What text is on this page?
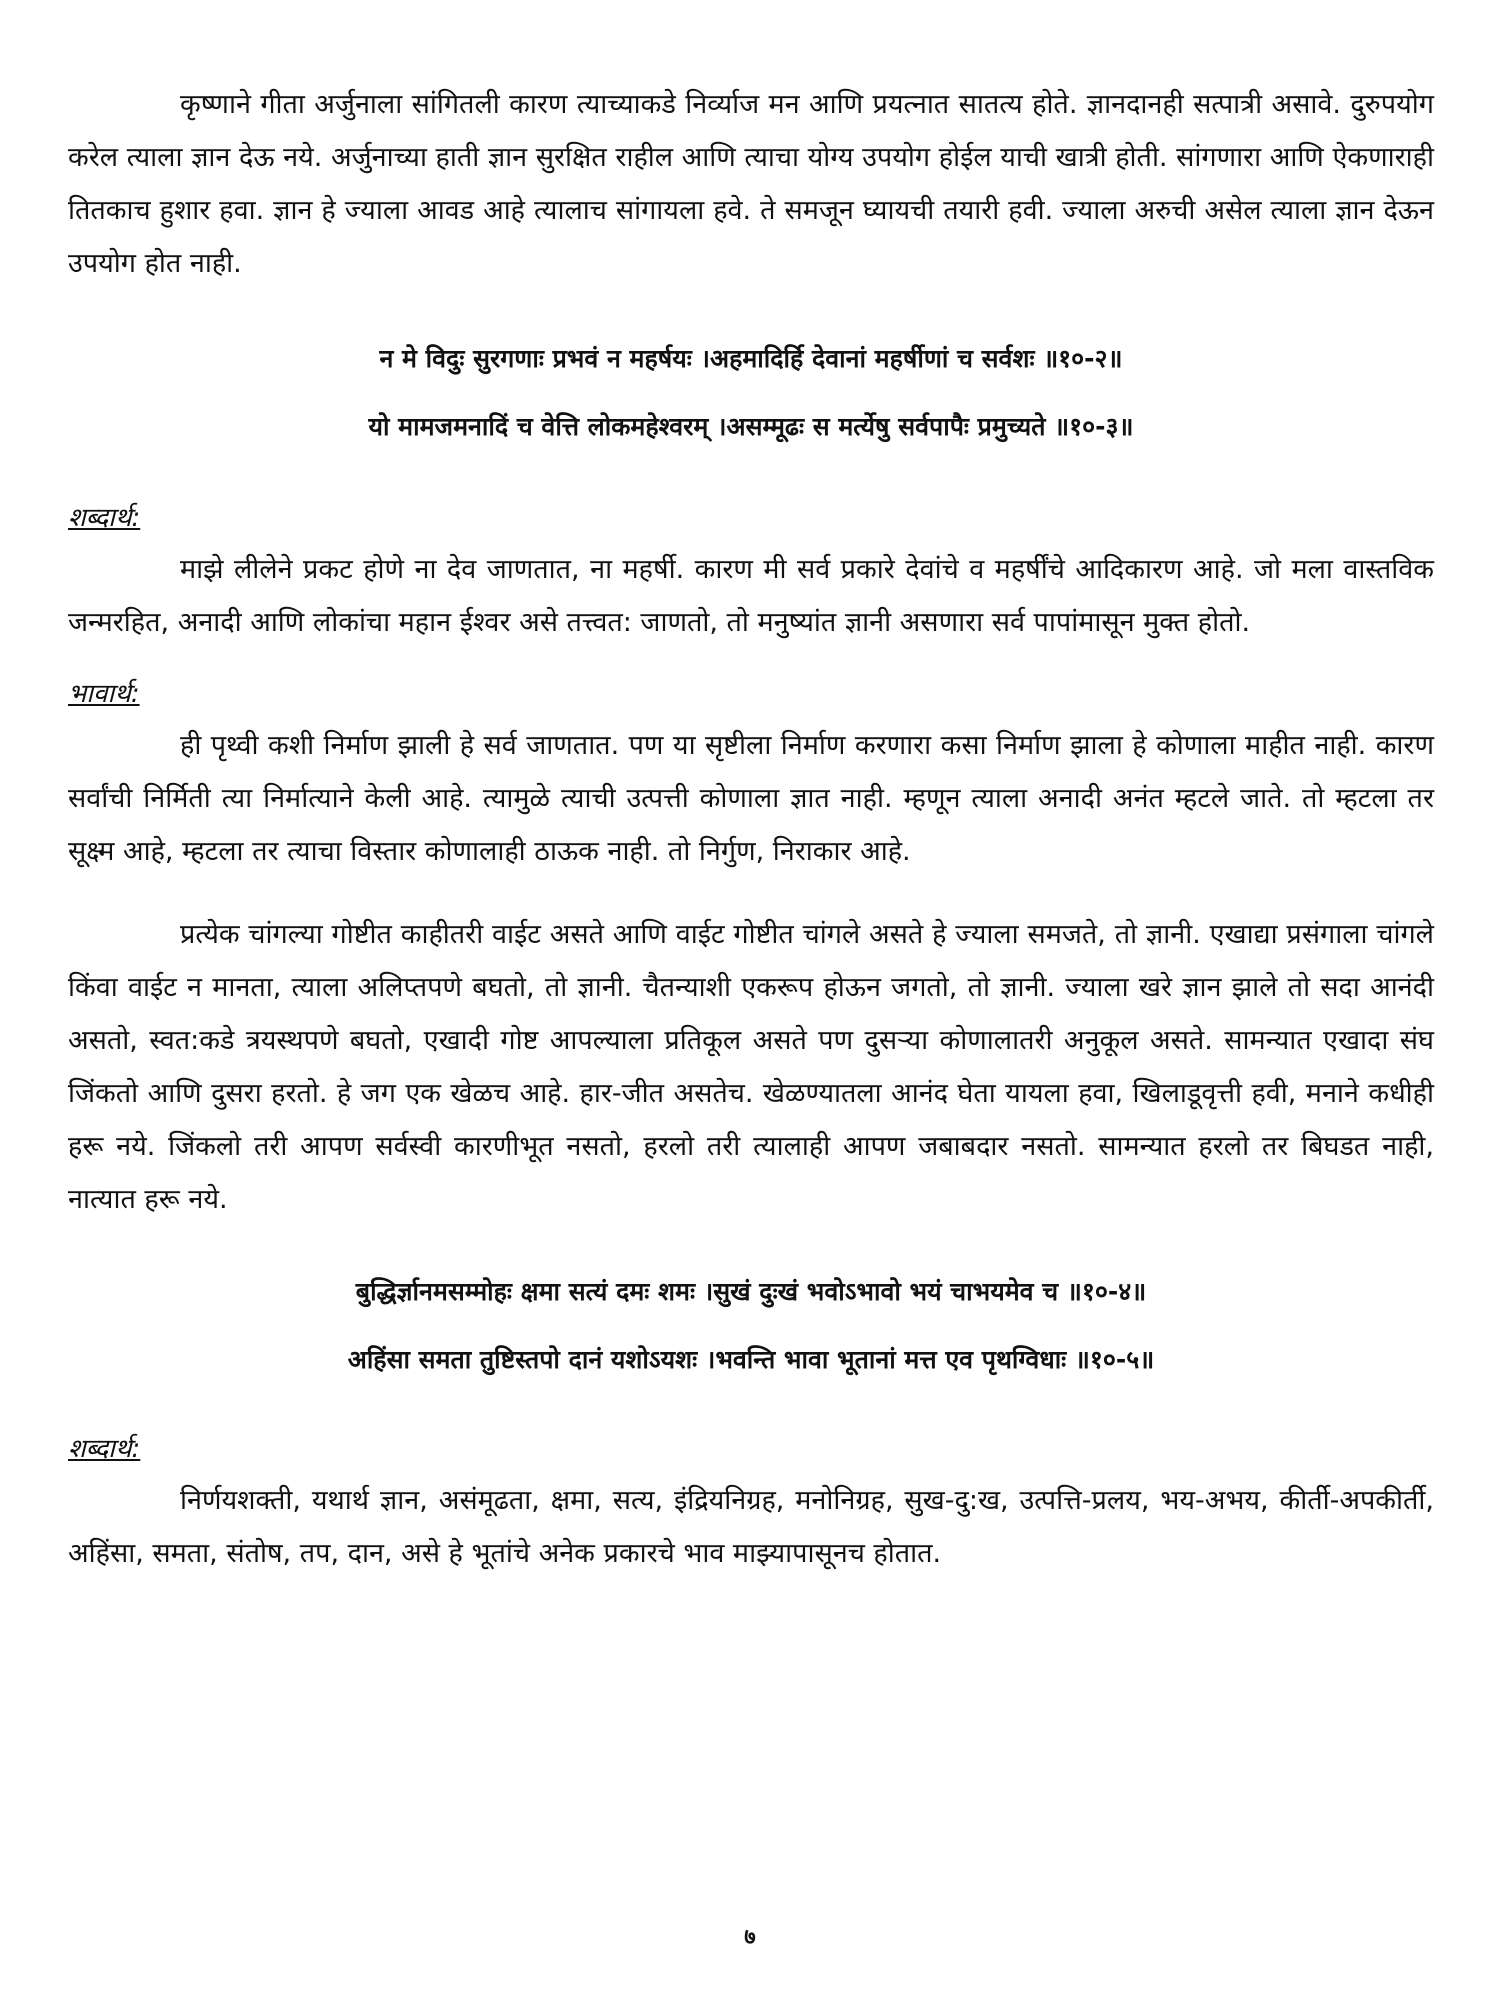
कृष्णाने गीता अर्जुनाला सांगितली कारण त्याच्याकडे निर्व्याज मन आणि प्रयत्नात सातत्य होते. ज्ञानदानही सत्पात्री असावे. दुरुपयोग करेल त्याला ज्ञान देऊ नये. अर्जुनाच्या हाती ज्ञान सुरक्षित राहील आणि त्याचा योग्य उपयोग होईल याची खात्री होती. सांगणारा आणि ऐकणाराही तितकाच हुशार हवा. ज्ञान हे ज्याला आवड आहे त्यालाच सांगायला हवे. ते समजून घ्यायची तयारी हवी. ज्याला अरुची असेल त्याला ज्ञान देऊन उपयोग होत नाही.

न मे विदुः सुरगणाः प्रभवं न महर्षयः ।अहमादिर्हि देवानां महर्षीणां च सर्वशः ॥१०-२॥
यो मामजमनादिं च वेत्ति लोकमहेश्वरम् ।असम्मूढः स मर्त्येषु सर्वपापैः प्रमुच्यते ॥१०-३॥
शब्दार्थ:

माझे लीलेने प्रकट होणे ना देव जाणतात, ना महर्षी. कारण मी सर्व प्रकारे देवांचे व महर्षींचे आदिकारण आहे. जो मला वास्तविक जन्मरहित, अनादी आणि लोकांचा महान ईश्वर असे तत्त्वत: जाणतो, तो मनुष्यांत ज्ञानी असणारा सर्व पापांमासून मुक्त होतो.

भावार्थ:

ही पृथ्वी कशी निर्माण झाली हे सर्व जाणतात. पण या सृष्टीला निर्माण करणारा कसा निर्माण झाला हे कोणाला माहीत नाही. कारण सर्वांची निर्मिती त्या निर्मात्याने केली आहे. त्यामुळे त्याची उत्पत्ती कोणाला ज्ञात नाही. म्हणून त्याला अनादी अनंत म्हटले जाते. तो म्हटला तर सूक्ष्म आहे, म्हटला तर त्याचा विस्तार कोणालाही ठाऊक नाही. तो निर्गुण, निराकार आहे.

प्रत्येक चांगल्या गोष्टीत काहीतरी वाईट असते आणि वाईट गोष्टीत चांगले असते हे ज्याला समजते, तो ज्ञानी. एखाद्या प्रसंगाला चांगले किंवा वाईट न मानता, त्याला अलिप्तपणे बघतो, तो ज्ञानी. चैतन्याशी एकरूप होऊन जगतो, तो ज्ञानी. ज्याला खरे ज्ञान झाले तो सदा आनंदी असतो, स्वत:कडे त्रयस्थपणे बघतो, एखादी गोष्ट आपल्याला प्रतिकूल असते पण दुसऱ्या कोणालातरी अनुकूल असते. सामन्यात एखादा संघ जिंकतो आणि दुसरा हरतो. हे जग एक खेळच आहे. हार-जीत असतेच. खेळण्यातला आनंद घेता यायला हवा, खिलाडूवृत्ती हवी, मनाने कधीही हरू नये. जिंकलो तरी आपण सर्वस्वी कारणीभूत नसतो, हरलो तरी त्यालाही आपण जबाबदार नसतो. सामन्यात हरलो तर बिघडत नाही, नात्यात हरू नये.

बुद्धिर्ज्ञानमसम्मोहः क्षमा सत्यं दमः शमः ।सुखं दुःखं भवोऽभावो भयं चाभयमेव च ॥१०-४॥
अहिंसा समता तुष्टिस्तपो दानं यशोऽयशः ।भवन्ति भावा भूतानां मत्त एव पृथग्विधाः ॥१०-५॥
शब्दार्थ:

निर्णयशक्ती, यथार्थ ज्ञान, असंमूढता, क्षमा, सत्य, इंद्रियनिग्रह, मनोनिग्रह, सुख-दु:ख, उत्पत्ति-प्रलय, भय-अभय, कीर्ती-अपकीर्ती, अहिंसा, समता, संतोष, तप, दान, असे हे भूतांचे अनेक प्रकारचे भाव माझ्यापासूनच होतात.

७
